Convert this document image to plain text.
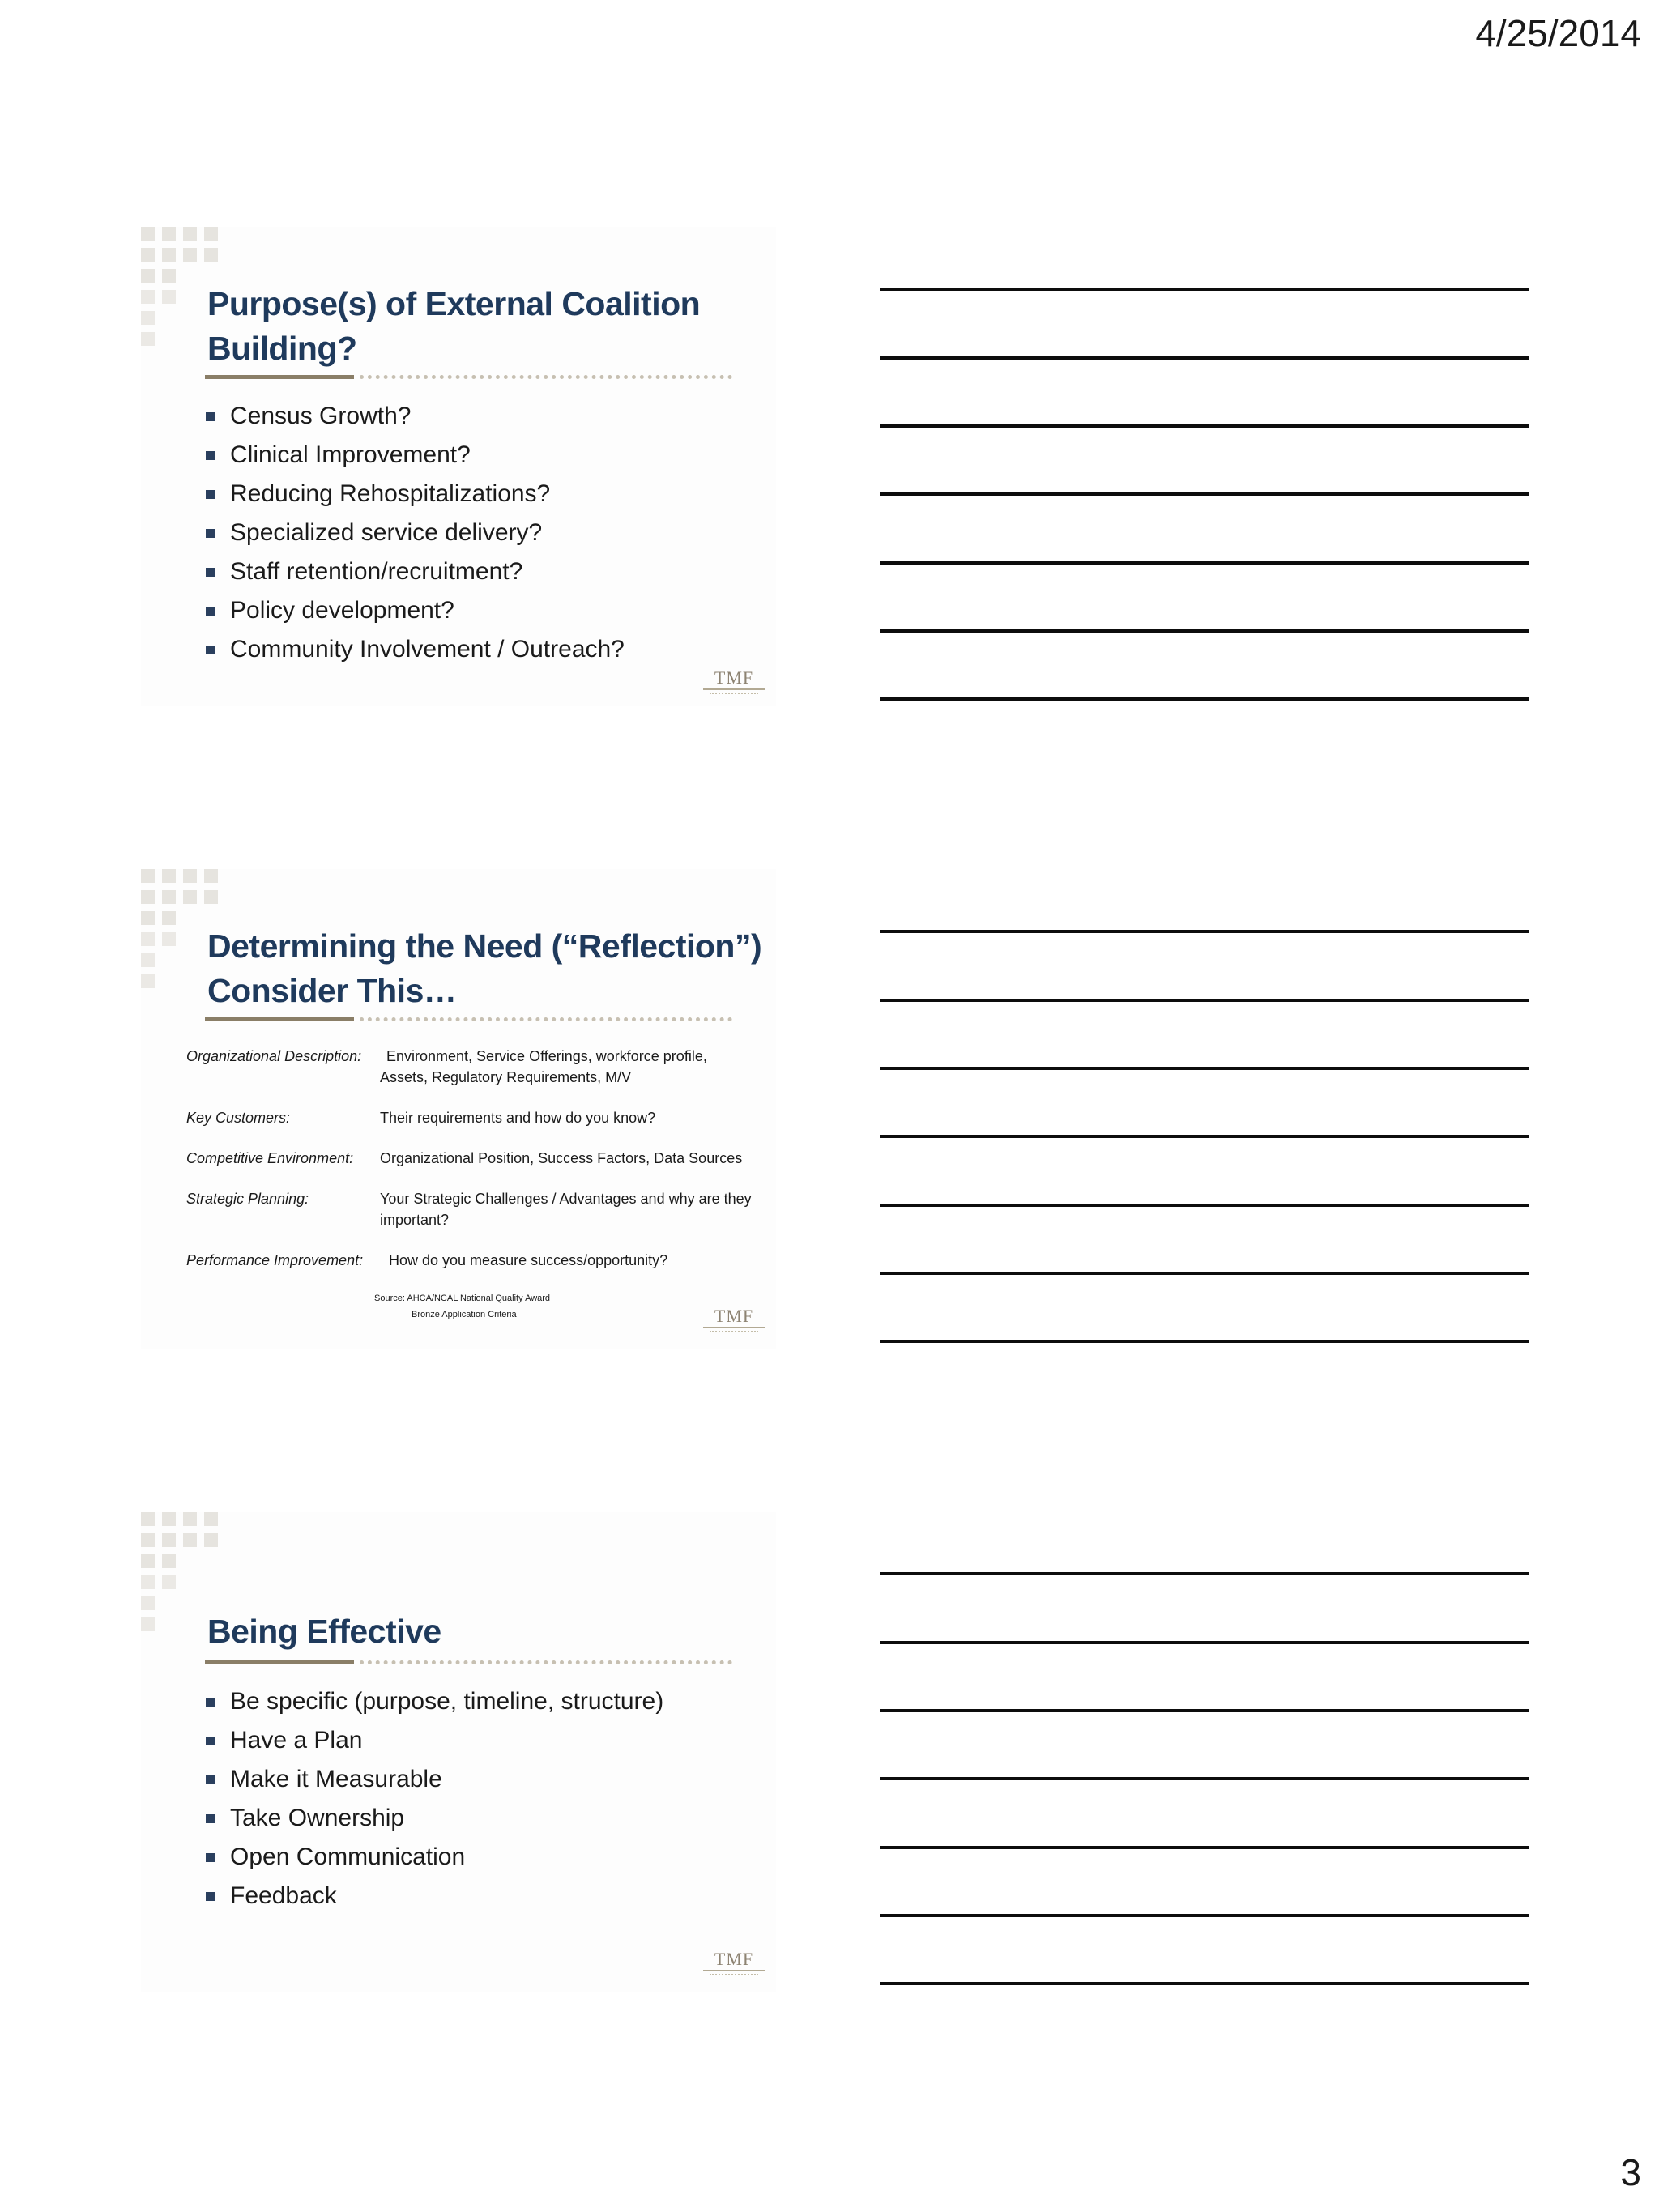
4/25/2014
Purpose(s) of External Coalition Building?
Census Growth?
Clinical Improvement?
Reducing Rehospitalizations?
Specialized service delivery?
Staff retention/recruitment?
Policy development?
Community Involvement / Outreach?
TMF
Determining the Need (“Reflection”) Consider This…
Organizational Description:	Environment, Service Offerings, workforce profile, Assets, Regulatory Requirements, M/V
Key Customers:	Their requirements and how do you know?
Competitive Environment:	Organizational Position, Success Factors, Data Sources
Strategic Planning:	Your Strategic Challenges / Advantages and why are they important?
Performance Improvement:	How do you measure success/opportunity?
Source: AHCA/NCAL National Quality Award
Bronze Application Criteria	TMF
Being Effective
Be specific (purpose, timeline, structure)
Have a Plan
Make it Measurable
Take Ownership
Open Communication
Feedback
TMF
3
